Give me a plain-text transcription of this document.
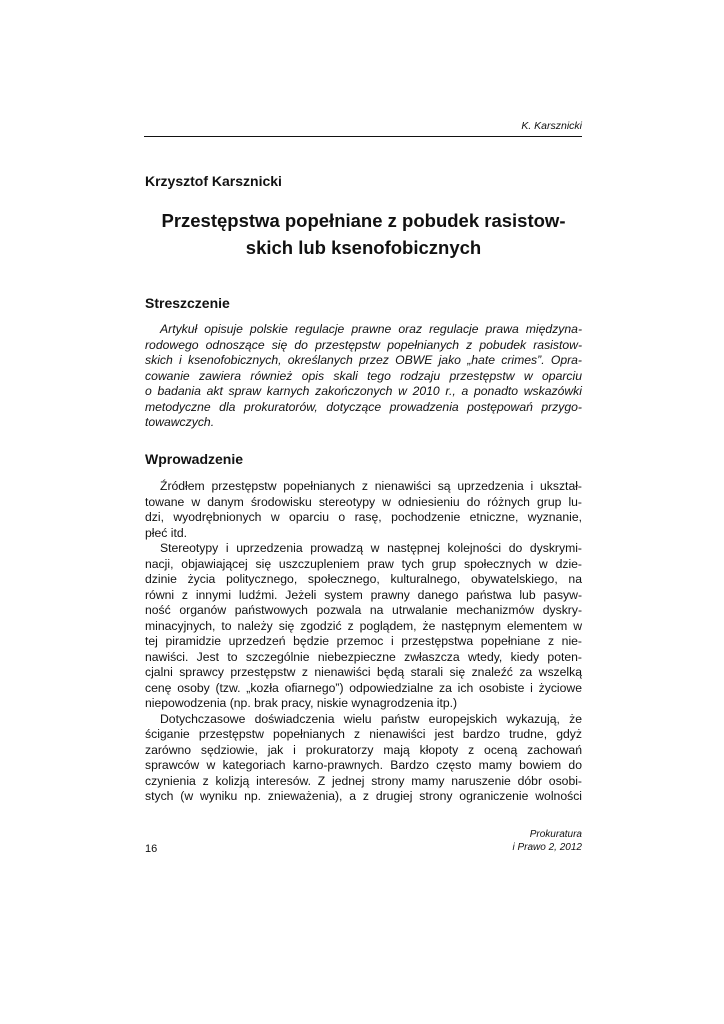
K. Karsznicki
Krzysztof Karsznicki
Przestępstwa popełniane z pobudek rasistow-
skich lub ksenofobicznych
Streszczenie
Artykuł opisuje polskie regulacje prawne oraz regulacje prawa międzyna-
rodowego odnoszące się do przestępstw popełnianych z pobudek rasistow-
skich i ksenofobicznych, określanych przez OBWE jako „hate crimes”. Opra-
cowanie zawiera również opis skali tego rodzaju przestępstw w oparciu
o badania akt spraw karnych zakończonych w 2010 r., a ponadto wskazówki
metodyczne dla prokuratorów, dotyczące prowadzenia postępowań przygo-
towawczych.
Wprowadzenie
Źródłem przestępstw popełnianych z nienawiści są uprzedzenia i ukształ-
towane w danym środowisku stereotypy w odniesieniu do różnych grup lu-
dzi, wyodrębnionych w oparciu o rasę, pochodzenie etniczne, wyznanie,
płeć itd.
Stereotypy i uprzedzenia prowadzą w następnej kolejności do dyskrymi-
nacji, objawiającej się uszczupleniem praw tych grup społecznych w dzie-
dzinie życia politycznego, społecznego, kulturalnego, obywatelskiego, na
równi z innymi ludźmi. Jeżeli system prawny danego państwa lub pasyw-
ność organów państwowych pozwala na utrwalanie mechanizmów dyskry-
minacyjnych, to należy się zgodzić z poglądem, że następnym elementem w
tej piramidzie uprzedzeń będzie przemoc i przestępstwa popełniane z nie-
nawiści. Jest to szczególnie niebezpieczne zwłaszcza wtedy, kiedy poten-
cjalni sprawcy przestępstw z nienawiści będą starali się znaleźć za wszelką
cenę osoby (tzw. „kozła ofiarnego”) odpowiedzialne za ich osobiste i życiowe
niepowodzenia (np. brak pracy, niskie wynagrodzenia itp.)
Dotychczasowe doświadczenia wielu państw europejskich wykazują, że
ściganie przestępstw popełnianych z nienawiści jest bardzo trudne, gdyż
zarówno sędziowie, jak i prokuratorzy mają kłopoty z oceną zachowań
sprawców w kategoriach karno-prawnych. Bardzo często mamy bowiem do
czynienia z kolizją interesów. Z jednej strony mamy naruszenie dóbr osobi-
stych (w wyniku np. znieważenia), a z drugiej strony ograniczenie wolności
16
Prokuratura
i Prawo 2, 2012
